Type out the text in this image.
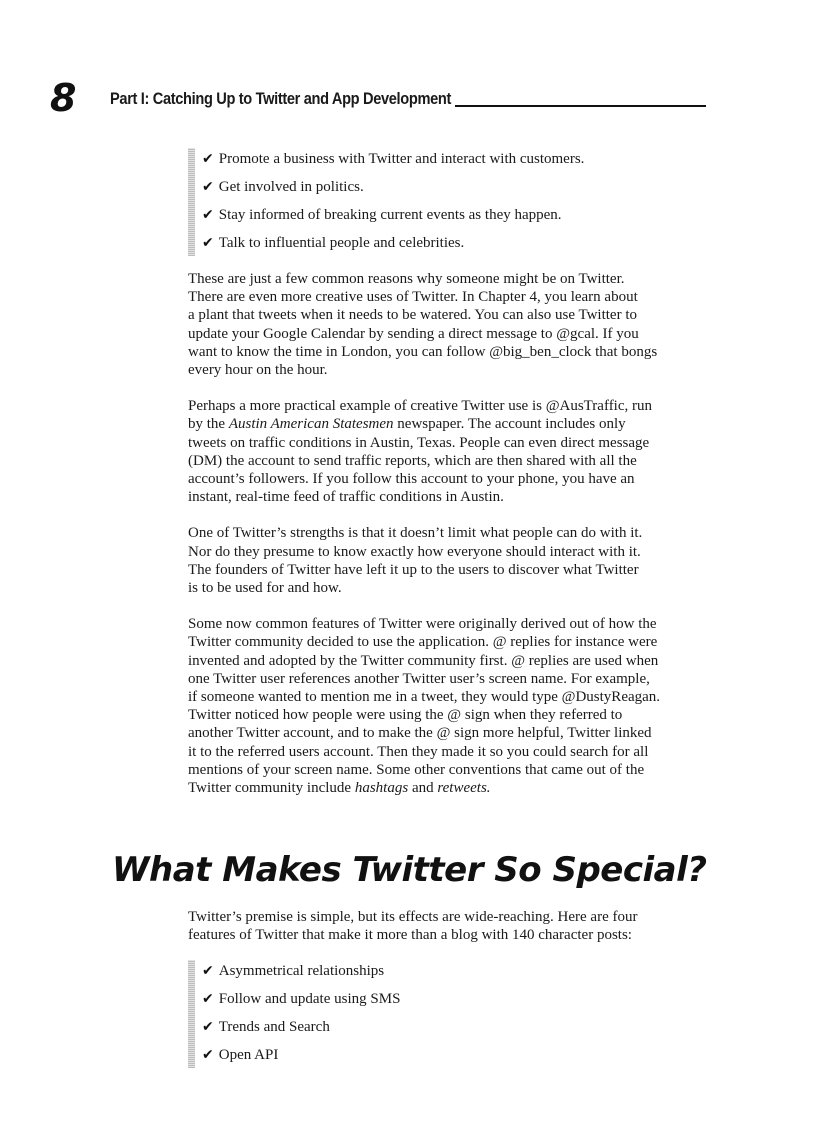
8 Part I: Catching Up to Twitter and App Development
✔ Promote a business with Twitter and interact with customers.
✔ Get involved in politics.
✔ Stay informed of breaking current events as they happen.
✔ Talk to influential people and celebrities.

These are just a few common reasons why someone might be on Twitter.
There are even more creative uses of Twitter. In Chapter 4, you learn about
a plant that tweets when it needs to be watered. You can also use Twitter to
update your Google Calendar by sending a direct message to @gcal. If you
want to know the time in London, you can follow @big_ben_clock that bongs
every hour on the hour.

Perhaps a more practical example of creative Twitter use is @AusTraffic, run
by the Austin American Statesmen newspaper. The account includes only
tweets on traffic conditions in Austin, Texas. People can even direct message
(DM) the account to send traffic reports, which are then shared with all the
account’s followers. If you follow this account to your phone, you have an
instant, real-time feed of traffic conditions in Austin.

One of Twitter’s strengths is that it doesn’t limit what people can do with it.
Nor do they presume to know exactly how everyone should interact with it.
The founders of Twitter have left it up to the users to discover what Twitter
is to be used for and how.

Some now common features of Twitter were originally derived out of how the
Twitter community decided to use the application. @ replies for instance were
invented and adopted by the Twitter community first. @ replies are used when
one Twitter user references another Twitter user’s screen name. For example,
if someone wanted to mention me in a tweet, they would type @DustyReagan.
Twitter noticed how people were using the @ sign when they referred to
another Twitter account, and to make the @ sign more helpful, Twitter linked
it to the referred users account. Then they made it so you could search for all
mentions of your screen name. Some other conventions that came out of the
Twitter community include hashtags and retweets.

What Makes Twitter So Special?

Twitter’s premise is simple, but its effects are wide-reaching. Here are four
features of Twitter that make it more than a blog with 140 character posts:

✔ Asymmetrical relationships
✔ Follow and update using SMS
✔ Trends and Search
✔ Open API
